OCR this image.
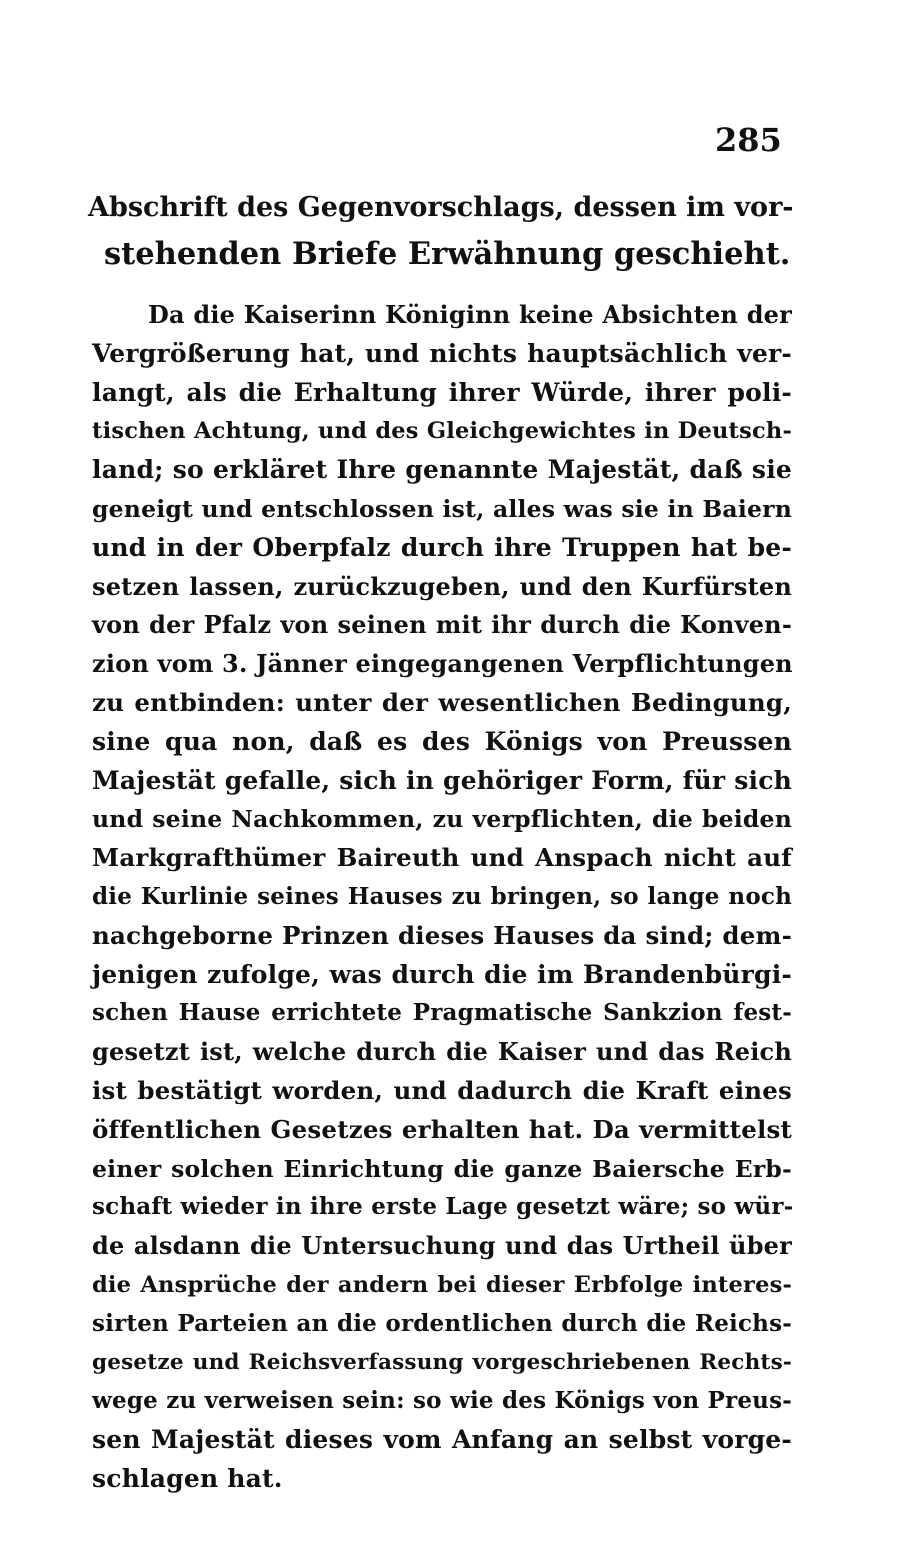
285
Abschrift des Gegenvorschlags, dessen im vor-
stehenden Briefe Erwähnung geschieht.
Da die Kaiserinn Königinn keine Absichten der
Vergrößerung hat, und nichts hauptsächlich ver-
langt, als die Erhaltung ihrer Würde, ihrer poli-
tischen Achtung, und des Gleichgewichtes in Deutsch-
land; so erkläret Ihre genannte Majestät, daß sie
geneigt und entschlossen ist, alles was sie in Baiern
und in der Oberpfalz durch ihre Truppen hat be-
setzen lassen, zurückzugeben, und den Kurfürsten
von der Pfalz von seinen mit ihr durch die Konven-
zion vom 3. Jänner eingegangenen Verpflichtungen
zu entbinden: unter der wesentlichen Bedingung,
sine qua non, daß es des Königs von Preussen
Majestät gefalle, sich in gehöriger Form, für sich
und seine Nachkommen, zu verpflichten, die beiden
Markgrafthümer Baireuth und Anspach nicht auf
die Kurlinie seines Hauses zu bringen, so lange noch
nachgeborne Prinzen dieses Hauses da sind; dem-
jenigen zufolge, was durch die im Brandenbürgi-
schen Hause errichtete Pragmatische Sankzion fest-
gesetzt ist, welche durch die Kaiser und das Reich
ist bestätigt worden, und dadurch die Kraft eines
öffentlichen Gesetzes erhalten hat. Da vermittelst
einer solchen Einrichtung die ganze Baiersche Erb-
schaft wieder in ihre erste Lage gesetzt wäre; so wür-
de alsdann die Untersuchung und das Urtheil über
die Ansprüche der andern bei dieser Erbfolge interes-
sirten Parteien an die ordentlichen durch die Reichs-
gesetze und Reichsverfassung vorgeschriebenen Rechts-
wege zu verweisen sein: so wie des Königs von Preus-
sen Majestät dieses vom Anfang an selbst vorge-
schlagen hat.
